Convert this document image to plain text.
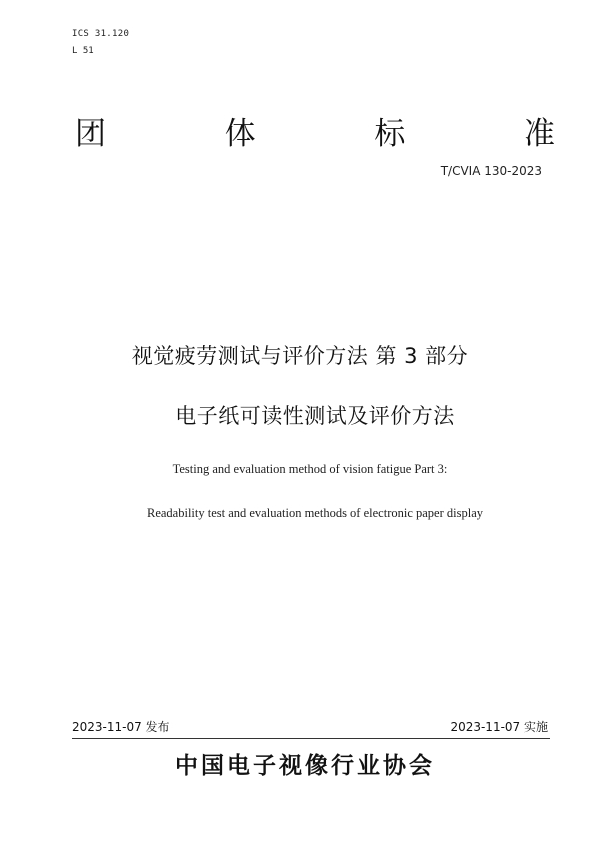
ICS 31.120
L 51
团	体	标	准
T/CVIA 130-2023
视觉疲劳测试与评价方法 第 3 部分
电子纸可读性测试及评价方法
Testing and evaluation method of vision fatigue Part 3:
Readability test and evaluation methods of electronic paper display
2023-11-07 发布	2023-11-07 实施
中国电子视像行业协会
